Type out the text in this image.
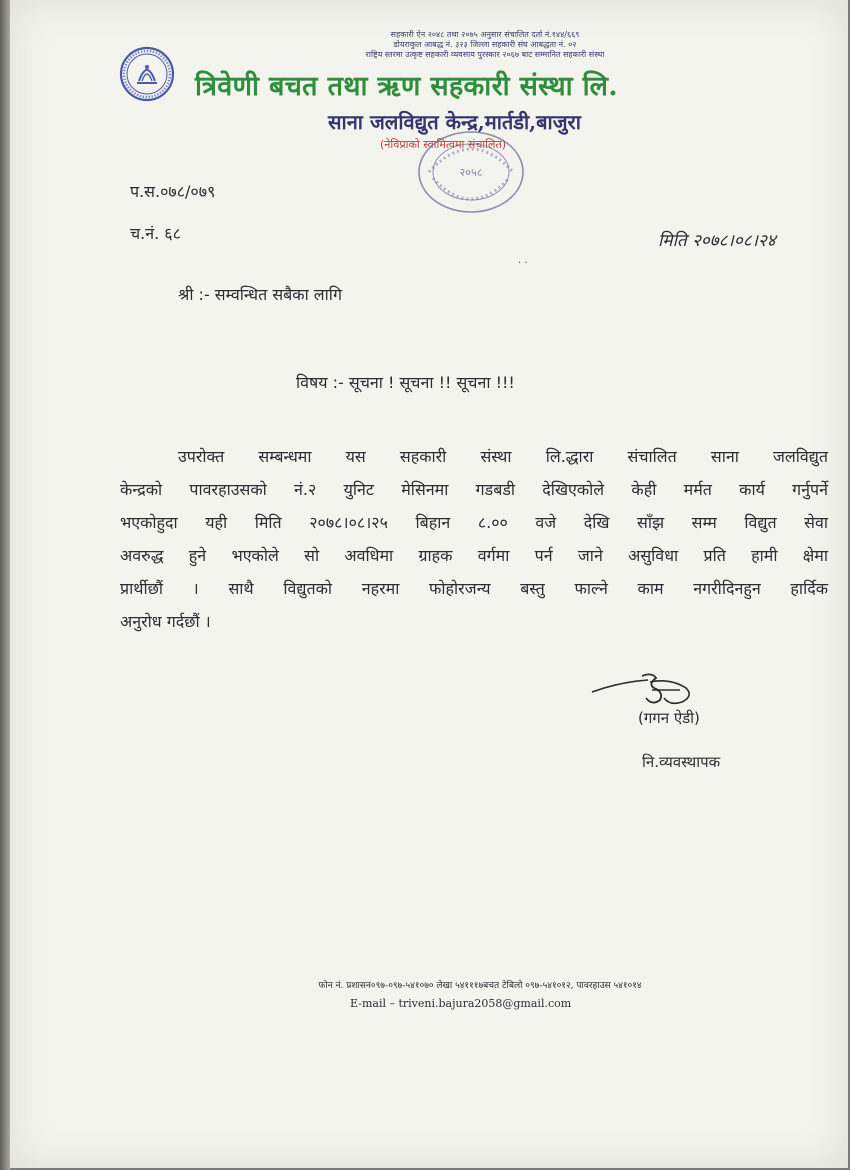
सहकारी ऐन २०४८ तथा २०७५ अनुसार संचालित दर्ता नं.१४४/६६९
डोयराकुल आबद्ध नं. ३२३ जिल्ला सहकारी संघ आबद्धता नं. ०२
राष्ट्रिय स्तरमा उत्कृष्ट सहकारी व्यवसाय पुरस्कार २०६७ बाट सम्मानित सहकारी संस्था
त्रिवेणी बचत तथा ऋण सहकारी संस्था लि.
साना जलविद्युत केन्द्र,मार्तडी,बाजुरा
(नेविप्राको स्वामित्वमा संचालित)
२०५८
प.स.०७८/०७९
च.नं. ६८	मिति २०७८।०८।२४
· ·
श्री :- सम्वन्धित सबैका लागि
विषय :- सूचना ! सूचना !! सूचना !!!
उपरोक्त सम्बन्धमा यस सहकारी संस्था लि.द्धारा संचालित साना जलविद्युत
केन्द्रको पावरहाउसको नं.२ युनिट मेसिनमा गडबडी देखिएकोले केही मर्मत कार्य गर्नुपर्ने
भएकोहुदा यही मिति २०७८।०८।२५ बिहान ८.०० वजे देखि साँझ सम्म विद्युत सेवा
अवरुद्ध हुने भएकोले सो अवधिमा ग्राहक वर्गमा पर्न जाने असुविधा प्रति हामी क्षेमा
प्रार्थीछौं । साथै विद्युतको नहरमा फोहोरजन्य बस्तु फाल्ने काम नगरीदिनहुन हार्दिक
अनुरोध गर्दछौं ।
(गगन ऐडी)
नि.व्यवस्थापक
फोन नं. प्रशासन०९७-०९७-५४१०७० लेखा ५४१११७बचत टेबिलो ०९७-५४१०१२, पावरहाउस ५४१०१४
E-mail – triveni.bajura2058@gmail.com
